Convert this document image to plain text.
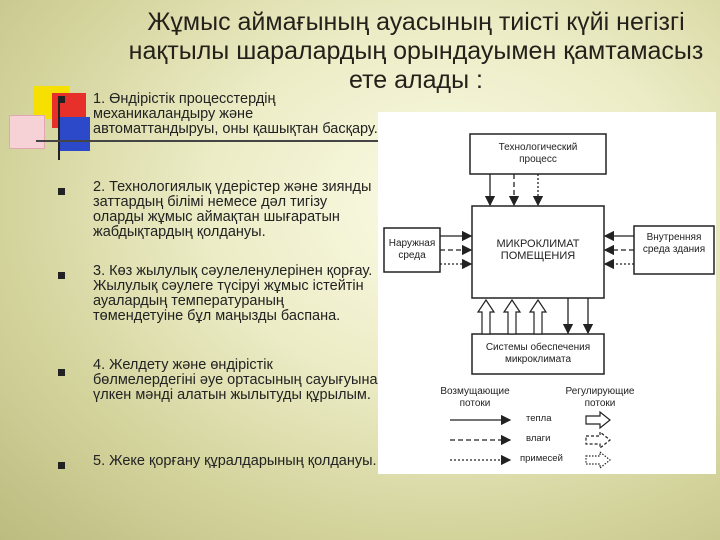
Жұмыс аймағының ауасының тиісті күйі негізгі нақтылы шаралардың орындауымен қамтамасыз ете алады :
1. Өндірістік процесстердің механикаландыру және автоматтандыруы, оны қашықтан басқару.
2. Технологиялық үдерістер және зиянды заттардың білімі немесе дəл тигізу оларды жұмыс аймақтан шығаратын жабдықтардың қолдануы.
3. Көз жылулық сəулеленулерінен қорғау. Жылулық сəулеге түсіруі жұмыс істейтін ауалардың температураның төмендетуіне бұл маңызды баспана.
4. Желдету жəне өндірістік бөлмелердегіні əуе ортасының сауығуына үлкен мəнді алатын жылытуды құрылым.
5. Жеке қорғану құралдарының қолдануы.
Технологический процесс
Наружная среда
МИКРОКЛИМАТ ПОМЕЩЕНИЯ
Внутренняя среда здания
Системы обеспечения микроклимата
Возмущающие потоки
Регулирующие потоки
тепла
влаги
примесей
